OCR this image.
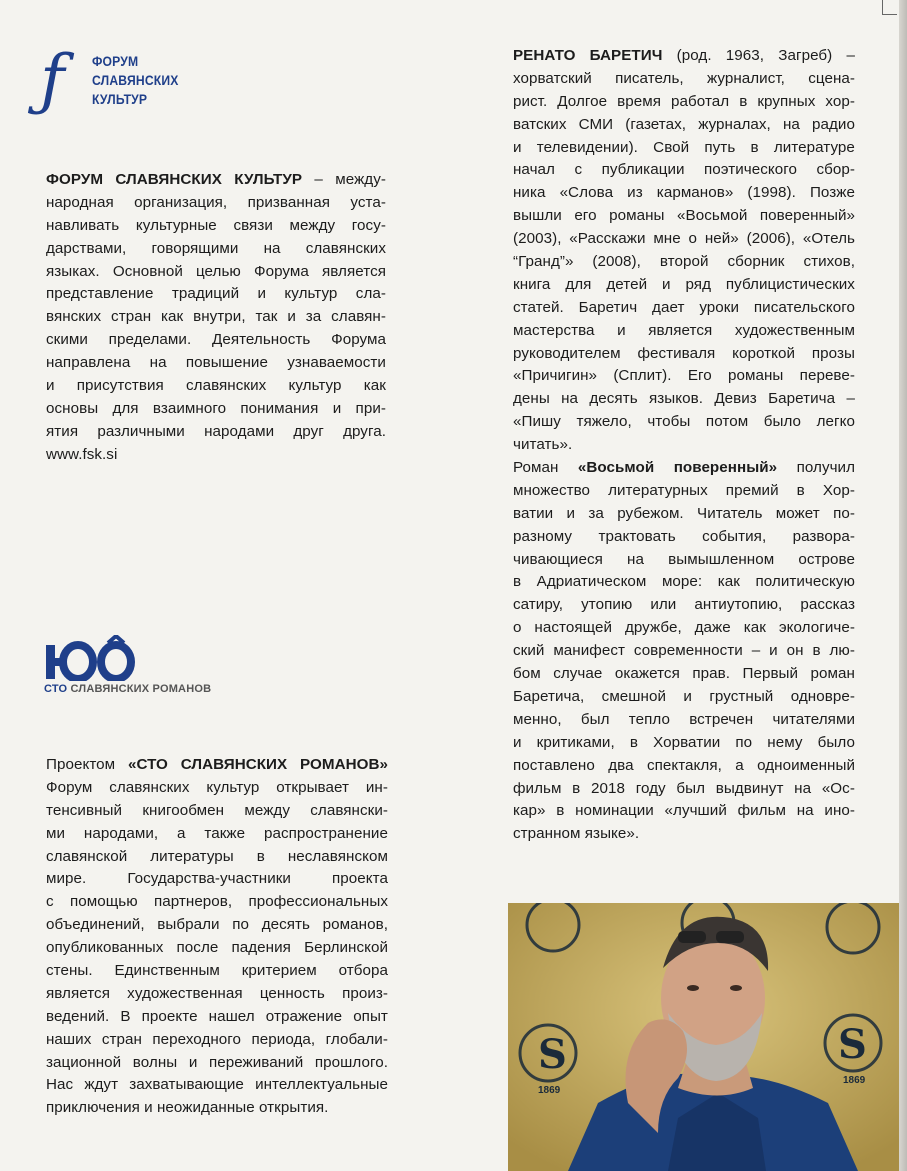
ƒ ФОРУМ
СЛАВЯНСКИХ
КУЛЬТУР
ФОРУМ СЛАВЯНСКИХ КУЛЬТУР – между-
народная организация, призванная уста-
навливать культурные связи между госу-
дарствами, говорящими на славянских
языках. Основной целью Форума является
представление традиций и культур сла-
вянских стран как внутри, так и за славян-
скими пределами. Деятельность Форума
направлена на повышение узнаваемости
и присутствия славянских культур как
основы для взаимного понимания и при-
ятия различными народами друг друга.
www.fsk.si
СТО СЛАВЯНСКИХ РОМАНОВ
Проектом «СТО СЛАВЯНСКИХ РОМАНОВ»
Форум славянских культур открывает ин-
тенсивный книгообмен между славянски-
ми народами, а также распространение
славянской литературы в неславянском
мире.	Государства-участники	проекта
с помощью партнеров, профессиональных
объединений, выбрали по десять романов,
опубликованных после падения Берлинской
стены. Единственным критерием отбора
является художественная ценность произ-
ведений. В проекте нашел отражение опыт
наших стран переходного периода, глобали-
зационной волны и переживаний прошлого.
Нас ждут захватывающие интеллектуальные
приключения и неожиданные открытия.
РЕНАТО БАРЕТИЧ (род. 1963, Загреб) –
хорватский писатель, журналист, сцена-
рист. Долгое время работал в крупных хор-
ватских СМИ (газетах, журналах, на радио
и телевидении). Свой путь в литературе
начал с публикации поэтического сбор-
ника «Слова из карманов» (1998). Позже
вышли его романы «Восьмой поверенный»
(2003), «Расскажи мне о ней» (2006), «Отель
“Гранд”» (2008), второй сборник стихов,
книга для детей и ряд публицистических
статей. Баретич дает уроки писательского
мастерства и является художественным
руководителем фестиваля короткой прозы
«Причигин» (Сплит). Его романы переве-
дены на десять языков. Девиз Баретича –
«Пишу тяжело, чтобы потом было легко
читать».
Роман «Восьмой поверенный» получил
множество литературных премий в Хор-
ватии и за рубежом. Читатель может по-
разному трактовать события, развора-
чивающиеся на вымышленном острове
в Адриатическом море: как политическую
сатиру, утопию или антиутопию, рассказ
о настоящей дружбе, даже как экологиче-
ский манифест современности – и он в лю-
бом случае окажется прав. Первый роман
Баретича, смешной и грустный одновре-
менно, был тепло встречен читателями
и критиками, в Хорватии по нему было
поставлено два спектакля, а одноименный
фильм в 2018 году был выдвинут на «Ос-
кар» в номинации «лучший фильм на ино-
странном языке».
1869
1869
S	S
